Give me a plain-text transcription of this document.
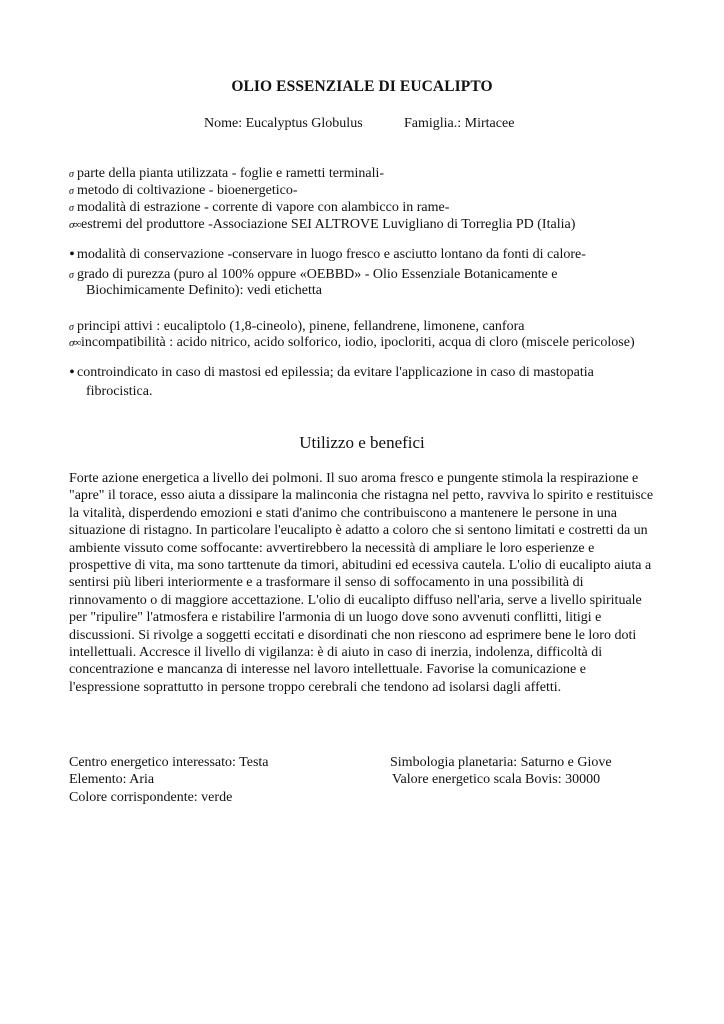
OLIO ESSENZIALE DI EUCALIPTO
Nome: Eucalyptus Globulus	Famiglia.: Mirtacee
σ parte della pianta utilizzata - foglie e rametti terminali-
σ metodo di coltivazione - bioenergetico-
σ modalità di estrazione - corrente di vapore con alambicco in rame-
σ∞estremi del produttore -Associazione SEI ALTROVE Luvigliano di Torreglia PD (Italia)
• modalità di conservazione -conservare in luogo fresco e asciutto lontano da fonti di calore-
σ grado di purezza (puro al 100% oppure «OEBBD» - Olio Essenziale Botanicamente e
Biochimicamente Definito): vedi etichetta
σ principi attivi : eucaliptolo (1,8-cineolo), pinene, fellandrene, limonene, canfora
σ∞incompatibilità : acido nitrico, acido solforico, iodio, ipocloriti, acqua di cloro (miscele pericolose)
• controindicato in caso di mastosi ed epilessia; da evitare l'applicazione in caso di mastopatia
fibrocistica.
Utilizzo e benefici

Forte azione energetica a livello dei polmoni. Il suo aroma fresco e pungente stimola la respirazione e "apre" il torace, esso aiuta a dissipare la malinconia che ristagna nel petto, ravviva lo spirito e restituisce la vitalità, disperdendo emozioni e stati d'animo che contribuiscono a mantenere le persone in una situazione di ristagno. In particolare l'eucalipto è adatto a coloro che si sentono limitati e costretti da un ambiente vissuto come soffocante: avvertirebbero la necessità di ampliare le loro esperienze e prospettive di vita, ma sono tarttenute da timori, abitudini ed ecessiva cautela. L'olio di eucalipto aiuta a sentirsi più liberi interiormente e a trasformare il senso di soffocamento in una possibilità di rinnovamento o di maggiore accettazione. L'olio di eucalipto diffuso nell'aria, serve a livello spirituale per "ripulire" l'atmosfera e ristabilire l'armonia di un luogo dove sono avvenuti conflitti, litigi e discussioni. Si rivolge a soggetti eccitati e disordinati che non riescono ad esprimere bene le loro doti intellettuali. Accresce il livello di vigilanza: è di aiuto in caso di inerzia, indolenza, difficoltà di concentrazione e mancanza di interesse nel lavoro intellettuale. Favorise la comunicazione e l'espressione soprattutto in persone troppo cerebrali che tendono ad isolarsi dagli affetti.

Centro energetico interessato: Testa
Elemento: Aria
Colore corrispondente: verde
Simbologia planetaria: Saturno e Giove
Valore energetico scala Bovis: 30000
